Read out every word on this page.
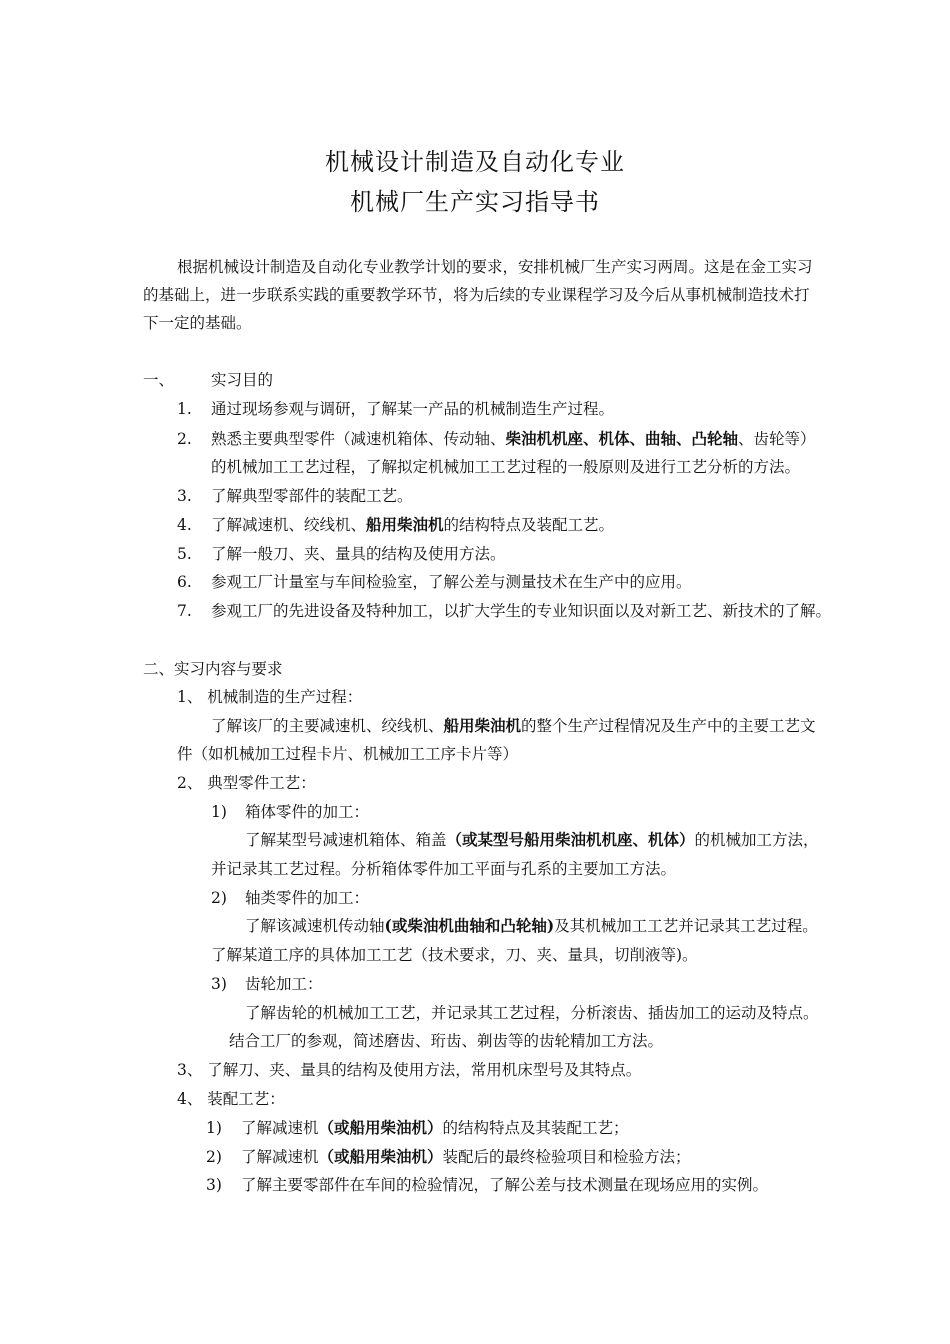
机械设计制造及自动化专业
机械厂生产实习指导书
根据机械设计制造及自动化专业教学计划的要求，安排机械厂生产实习两周。这是在金工实习
的基础上，进一步联系实践的重要教学环节，将为后续的专业课程学习及今后从事机械制造技术打
下一定的基础。
一、 实习目的
1. 通过现场参观与调研，了解某一产品的机械制造生产过程。
2. 熟悉主要典型零件（减速机箱体、传动轴、柴油机机座、机体、曲轴、凸轮轴、齿轮等）
的机械加工工艺过程，了解拟定机械加工工艺过程的一般原则及进行工艺分析的方法。
3. 了解典型零部件的装配工艺。
4. 了解减速机、绞线机、船用柴油机的结构特点及装配工艺。
5. 了解一般刀、夹、量具的结构及使用方法。
6. 参观工厂计量室与车间检验室，了解公差与测量技术在生产中的应用。
7. 参观工厂的先进设备及特种加工，以扩大学生的专业知识面以及对新工艺、新技术的了解。
二、实习内容与要求
1、 机械制造的生产过程：
了解该厂的主要减速机、绞线机、船用柴油机的整个生产过程情况及生产中的主要工艺文
件（如机械加工过程卡片、机械加工工序卡片等）
2、 典型零件工艺：
1) 箱体零件的加工：
了解某型号减速机箱体、箱盖（或某型号船用柴油机机座、机体）的机械加工方法，
并记录其工艺过程。分析箱体零件加工平面与孔系的主要加工方法。
2) 轴类零件的加工：
了解该减速机传动轴(或柴油机曲轴和凸轮轴)及其机械加工工艺并记录其工艺过程。
了解某道工序的具体加工工艺（技术要求，刀、夹、量具，切削液等)。
3) 齿轮加工：
了解齿轮的机械加工工艺，并记录其工艺过程，分析滚齿、插齿加工的运动及特点。
结合工厂的参观，简述磨齿、珩齿、剃齿等的齿轮精加工方法。
3、 了解刀、夹、量具的结构及使用方法，常用机床型号及其特点。
4、 装配工艺：
1) 了解减速机（或船用柴油机）的结构特点及其装配工艺；
2) 了解减速机（或船用柴油机）装配后的最终检验项目和检验方法；
3) 了解主要零部件在车间的检验情况，了解公差与技术测量在现场应用的实例。
